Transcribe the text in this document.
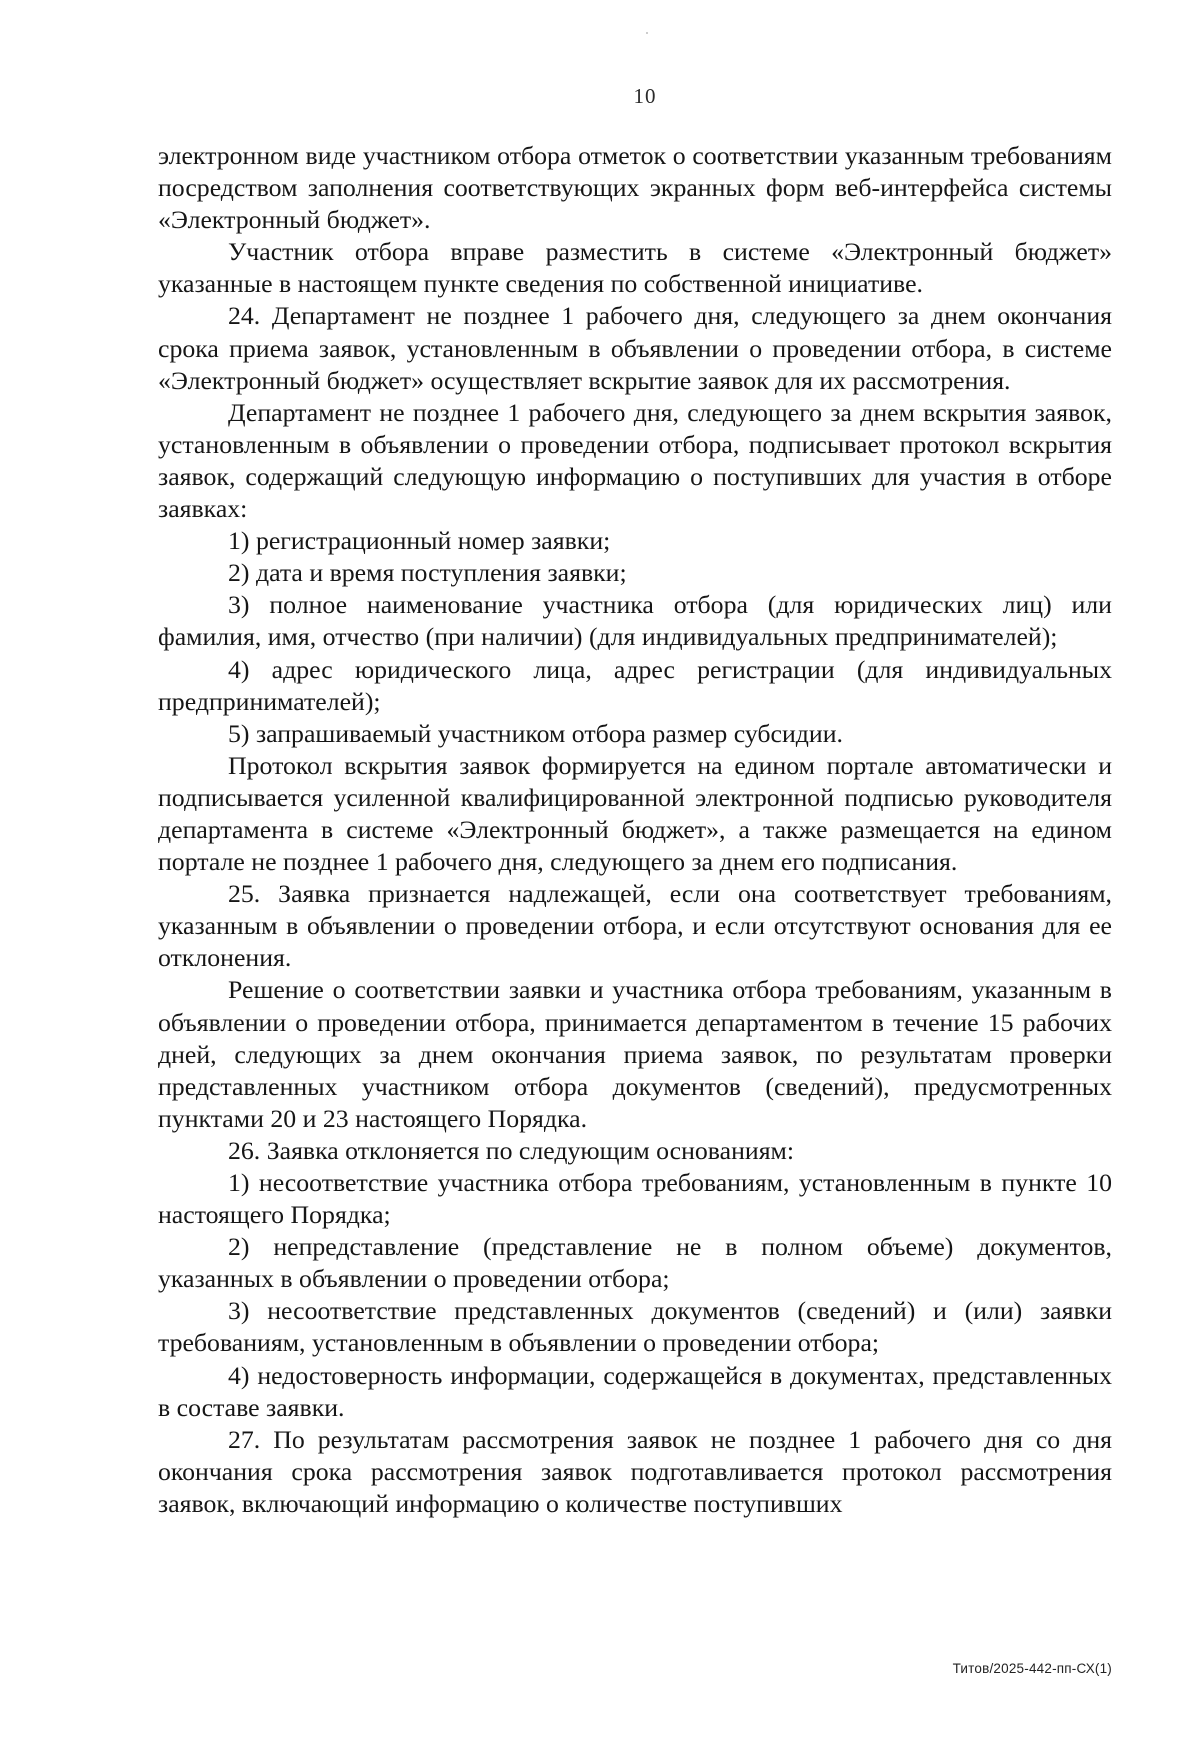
10

электронном виде участником отбора отметок о соответствии указанным требованиям посредством заполнения соответствующих экранных форм веб-интерфейса системы «Электронный бюджет».

Участник отбора вправе разместить в системе «Электронный бюджет» указанные в настоящем пункте сведения по собственной инициативе.

24. Департамент не позднее 1 рабочего дня, следующего за днем окончания срока приема заявок, установленным в объявлении о проведении отбора, в системе «Электронный бюджет» осуществляет вскрытие заявок для их рассмотрения.

Департамент не позднее 1 рабочего дня, следующего за днем вскрытия заявок, установленным в объявлении о проведении отбора, подписывает протокол вскрытия заявок, содержащий следующую информацию о поступивших для участия в отборе заявках:

1) регистрационный номер заявки;

2) дата и время поступления заявки;

3) полное наименование участника отбора (для юридических лиц) или фамилия, имя, отчество (при наличии) (для индивидуальных предпринимателей);

4) адрес юридического лица, адрес регистрации (для индивидуальных предпринимателей);

5) запрашиваемый участником отбора размер субсидии.

Протокол вскрытия заявок формируется на едином портале автоматически и подписывается усиленной квалифицированной электронной подписью руководителя департамента в системе «Электронный бюджет», а также размещается на едином портале не позднее 1 рабочего дня, следующего за днем его подписания.

25. Заявка признается надлежащей, если она соответствует требованиям, указанным в объявлении о проведении отбора, и если отсутствуют основания для ее отклонения.

Решение о соответствии заявки и участника отбора требованиям, указанным в объявлении о проведении отбора, принимается департаментом в течение 15 рабочих дней, следующих за днем окончания приема заявок, по результатам проверки представленных участником отбора документов (сведений), предусмотренных пунктами 20 и 23 настоящего Порядка.

26. Заявка отклоняется по следующим основаниям:

1) несоответствие участника отбора требованиям, установленным в пункте 10 настоящего Порядка;

2) непредставление (представление не в полном объеме) документов, указанных в объявлении о проведении отбора;

3) несоответствие представленных документов (сведений) и (или) заявки требованиям, установленным в объявлении о проведении отбора;

4) недостоверность информации, содержащейся в документах, представленных в составе заявки.

27. По результатам рассмотрения заявок не позднее 1 рабочего дня со дня окончания срока рассмотрения заявок подготавливается протокол рассмотрения заявок, включающий информацию о количестве поступивших

Титов/2025-442-пп-СХ(1)
